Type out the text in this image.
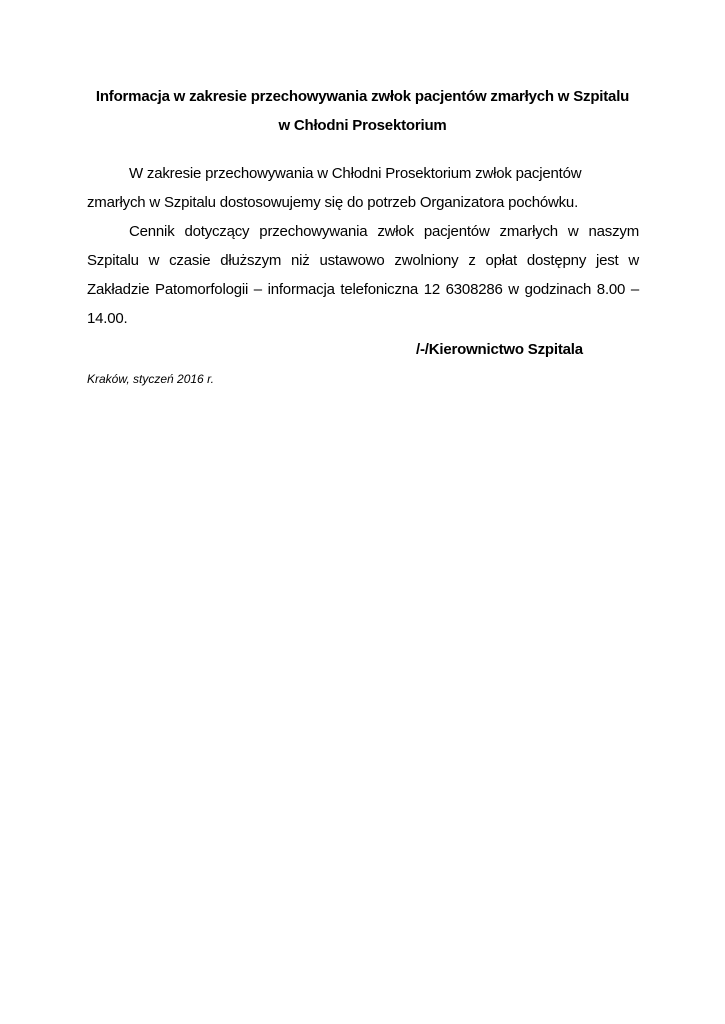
Informacja w zakresie przechowywania zwłok pacjentów zmarłych w Szpitalu
w Chłodni Prosektorium

W zakresie przechowywania w Chłodni Prosektorium zwłok pacjentów zmarłych w Szpitalu dostosowujemy się do potrzeb Organizatora pochówku.

Cennik dotyczący przechowywania zwłok pacjentów zmarłych w naszym Szpitalu w czasie dłuższym niż ustawowo zwolniony z opłat dostępny jest w Zakładzie Patomorfologii – informacja telefoniczna 12 6308286 w godzinach 8.00 – 14.00.

/-/Kierownictwo Szpitala
Kraków, styczeń 2016 r.
